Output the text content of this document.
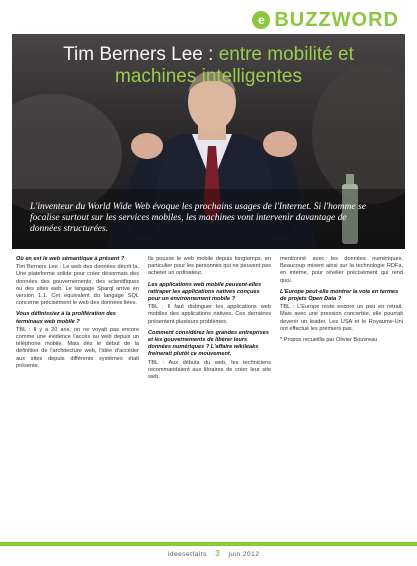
e BUZZWORD
Tim Berners Lee : entre mobilité et machines intelligentes
L'inventeur du World Wide Web évoque les prochains usages de l'Internet. Si l'homme se focalise surtout sur les services mobiles, les machines vont intervenir davantage de données structurées.
Où en est le web sémantique à présent ?
Tim Berners Lee : Le web des données décrit la. Une plateforme solide pour créer désormais des données des gouvernements, des scientifiques ou des sites web. Le langage Sparql arrive en version 1.1. Cet équivalent du langage SQL concerne précisément le web des données liées.
Vous définissiez à la prolifération des terminaux web mobile ?
TBL : Il y a 20 ans, on ne voyait pas encore comme une évidence l'accès au web depuis un téléphone mobile. Mais dès le début de la définition de l'architecture web, l'idée d'accéder aux sites depuis différents systèmes était présente.
Ils pousse le web mobile depuis longtemps, en particulier pour les personnes qui ne peuvent pas acheter un ordinateur.
Les applications web mobile peuvent-elles rattraper les applications natives conçues pour un environnement mobile ?
TBL : Il faut distinguer les applications web mobiles des applications natives. Ces dernières présentent plusieurs problèmes.
Comment considérez les grandes entreprises et les gouvernements de libérer leurs données numériques ? L'affaire wikileaks freinerait plutôt ce mouvement.
TBL : Aux débuts du web, les techniciens recommandaient aux libraires de créer leur site web.
mentionné avec les données numériques. Beaucoup misent ainsi sur la technologie RDFa, en interne, pour révéler précisément qui rend quoi.
L'Europe peut-elle montrer la voie en termes de projets Open Data ?
TBL : L'Europe reste encore un peu en retrait. Mais avec une pression concertée, elle pourrait devenir un leader. Les USA et le Royaume-Uni ont effectué les premiers pas.
* Propos recueillis par Olivier Bouvreau
ideesetfaits 3 juin 2012
